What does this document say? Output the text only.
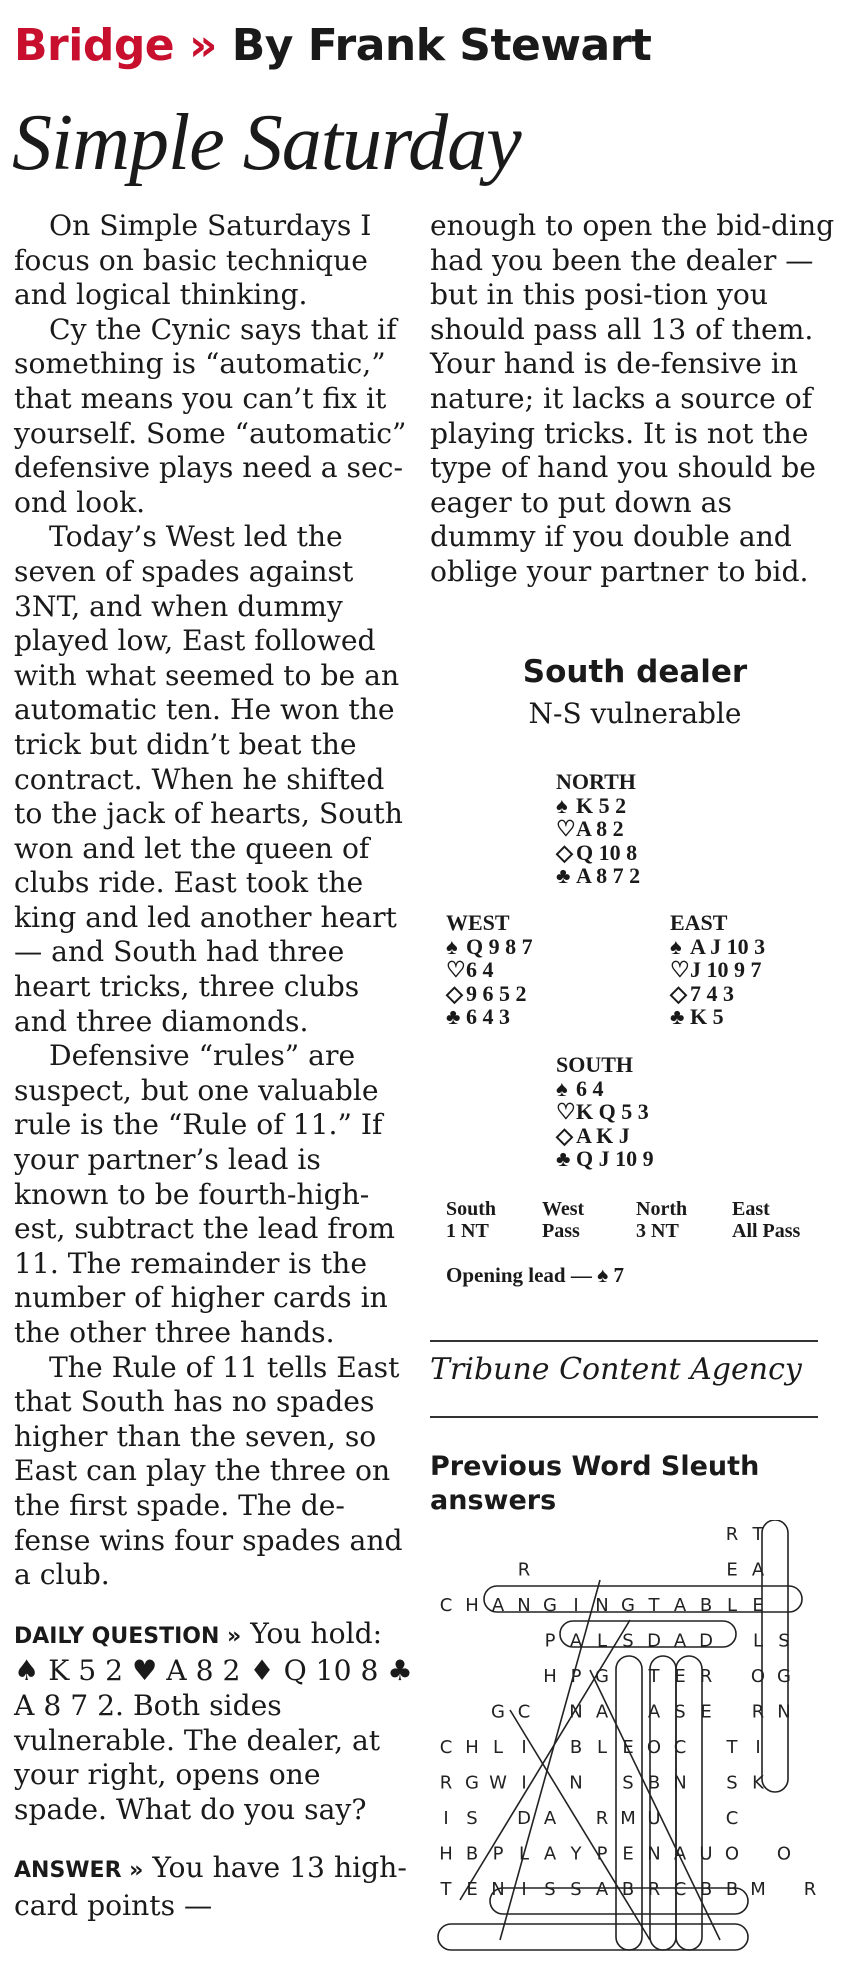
Bridge » By Frank Stewart
Simple Saturday

On Simple Saturdays I focus on basic technique and logical thinking.

Cy the Cynic says that if something is “automatic,” that means you can’t fix it yourself. Some “automatic” defensive plays need a sec-ond look.

Today’s West led the seven of spades against 3NT, and when dummy played low, East followed with what seemed to be an automatic ten. He won the trick but didn’t beat the contract. When he shifted to the jack of hearts, South won and let the queen of clubs ride. East took the king and led another heart — and South had three heart tricks, three clubs and three diamonds.

Defensive “rules” are suspect, but one valuable rule is the “Rule of 11.” If your partner’s lead is known to be fourth-high-est, subtract the lead from 11. The remainder is the number of higher cards in the other three hands.

The Rule of 11 tells East that South has no spades higher than the seven, so East can play the three on the first spade. The de-fense wins four spades and a club.

DAILY QUESTION » You hold: ♠ K 5 2 ♥ A 8 2 ♦ Q 10 8 ♣ A 8 7 2. Both sides vulnerable. The dealer, at your right, opens one spade. What do you say?

ANSWER » You have 13 high-card points —

enough to open the bid-ding had you been the dealer — but in this posi-tion you should pass all 13 of them. Your hand is de-fensive in nature; it lacks a source of playing tricks. It is not the type of hand you should be eager to put down as dummy if you double and oblige your partner to bid.

South dealer
N-S vulnerable
NORTH
♠ K 5 2
♡A 8 2
◇ Q 10 8
♣ A 8 7 2
WEST
♠ Q 9 8 7
♡6 4
◇ 9 6 5 2
♣ 6 4 3
EAST
♠ A J 10 3
♡J 10 9 7
◇ 7 4 3
♣ K 5
SOUTH
♠ 6 4
♡K Q 5 3
◇ A K J
♣ Q J 10 9
South
1 NT
West
Pass
North
3 NT
East
All Pass
Opening lead — ♠ 7
Tribune Content Agency
Previous Word Sleuth answers
R T
R	E A
C H A N G I N G T A B L E
P A L S D A D L S
H P G T E R O G
G C N A A S E R N
C H L I B L E O C T I
R G W I N S B N S K
I S D A R M U	C
H B P L A Y P E N A U O O
T E N I S S A B R C B B M R
